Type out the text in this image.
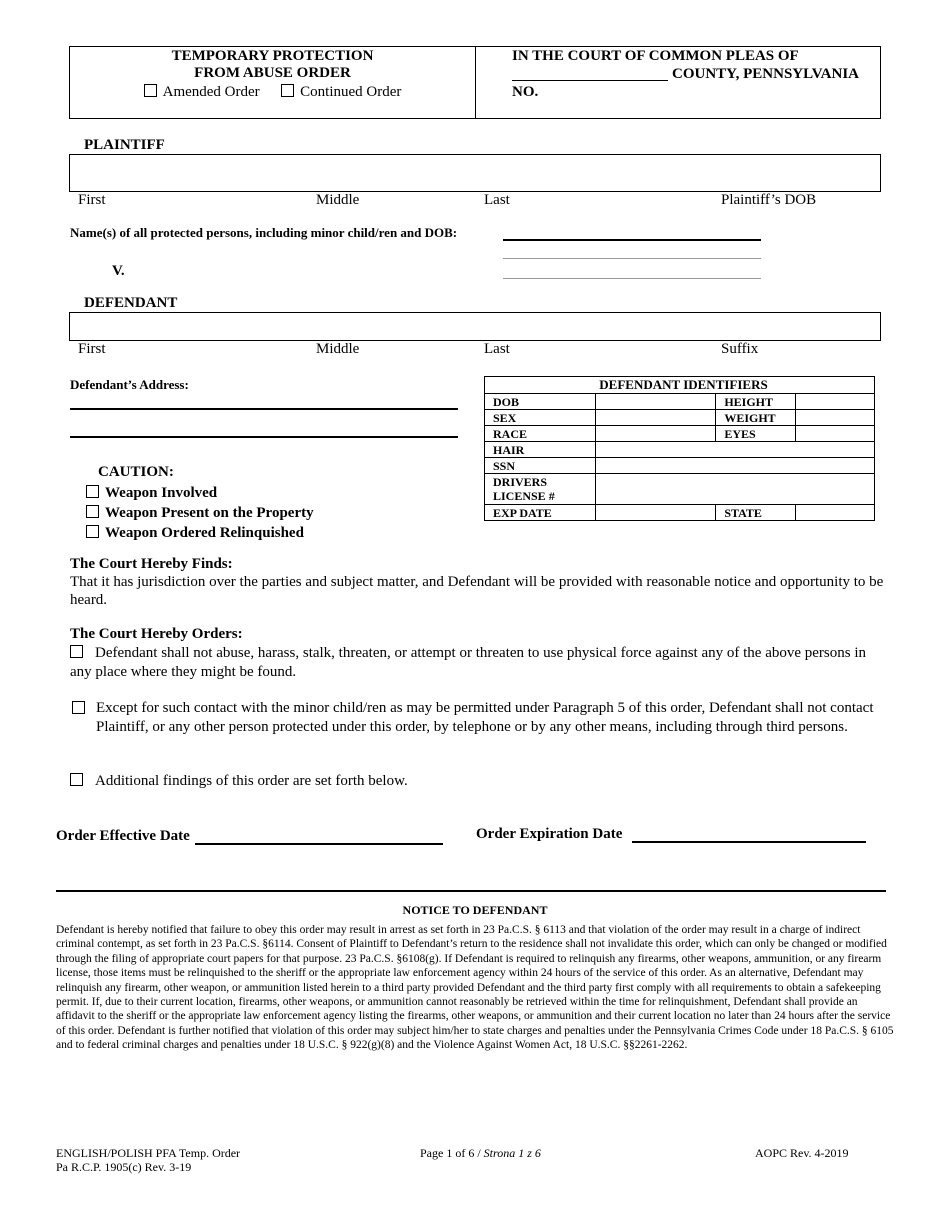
TEMPORARY PROTECTION
FROM ABUSE ORDER
Amended Order	Continued Order
IN THE COURT OF COMMON PLEAS OF
COUNTY, PENNSYLVANIA
NO.
PLAINTIFF
First	Middle	Last	Plaintiff’s DOB
Name(s) of all protected persons, including minor child/ren and DOB:
V.
DEFENDANT
First	Middle	Last	Suffix
Defendant’s Address:
CAUTION:
Weapon Involved
Weapon Present on the Property
Weapon Ordered Relinquished
DEFENDANT IDENTIFIERS			
DOB		HEIGHT	
SEX		WEIGHT	
RACE		EYES	
HAIR			
SSN			

DRIVERS
LICENSE #			

EXP DATE		STATE	
The Court Hereby Finds:
That it has jurisdiction over the parties and subject matter, and Defendant will be provided with reasonable notice and opportunity to be heard.
The Court Hereby Orders:
Defendant shall not abuse, harass, stalk, threaten, or attempt or threaten to use physical force against any of the above persons in any place where they might be found.
Except for such contact with the minor child/ren as may be permitted under Paragraph 5 of this order, Defendant shall not contact Plaintiff, or any other person protected under this order, by telephone or by any other means, including through third persons.
Additional findings of this order are set forth below.
Order Effective Date	Order Expiration Date
NOTICE TO DEFENDANT
Defendant is hereby notified that failure to obey this order may result in arrest as set forth in 23 Pa.C.S. § 6113 and that violation of the order may result in a charge of indirect criminal contempt, as set forth in 23 Pa.C.S. §6114. Consent of Plaintiff to Defendant’s return to the residence shall not invalidate this order, which can only be changed or modified through the filing of appropriate court papers for that purpose. 23 Pa.C.S. §6108(g). If Defendant is required to relinquish any firearms, other weapons, ammunition, or any firearm license, those items must be relinquished to the sheriff or the appropriate law enforcement agency within 24 hours of the service of this order. As an alternative, Defendant may relinquish any firearm, other weapon, or ammunition listed herein to a third party provided Defendant and the third party first comply with all requirements to obtain a safekeeping permit. If, due to their current location, firearms, other weapons, or ammunition cannot reasonably be retrieved within the time for relinquishment, Defendant shall provide an affidavit to the sheriff or the appropriate law enforcement agency listing the firearms, other weapons, or ammunition and their current location no later than 24 hours after the service of this order. Defendant is further notified that violation of this order may subject him/her to state charges and penalties under the Pennsylvania Crimes Code under 18 Pa.C.S. § 6105 and to federal criminal charges and penalties under 18 U.S.C. § 922(g)(8) and the Violence Against Women Act, 18 U.S.C. §§2261-2262.
ENGLISH/POLISH PFA Temp. Order
Pa R.C.P. 1905(c) Rev. 3-19
Page 1 of 6 / Strona 1 z 6	AOPC Rev. 4-2019
